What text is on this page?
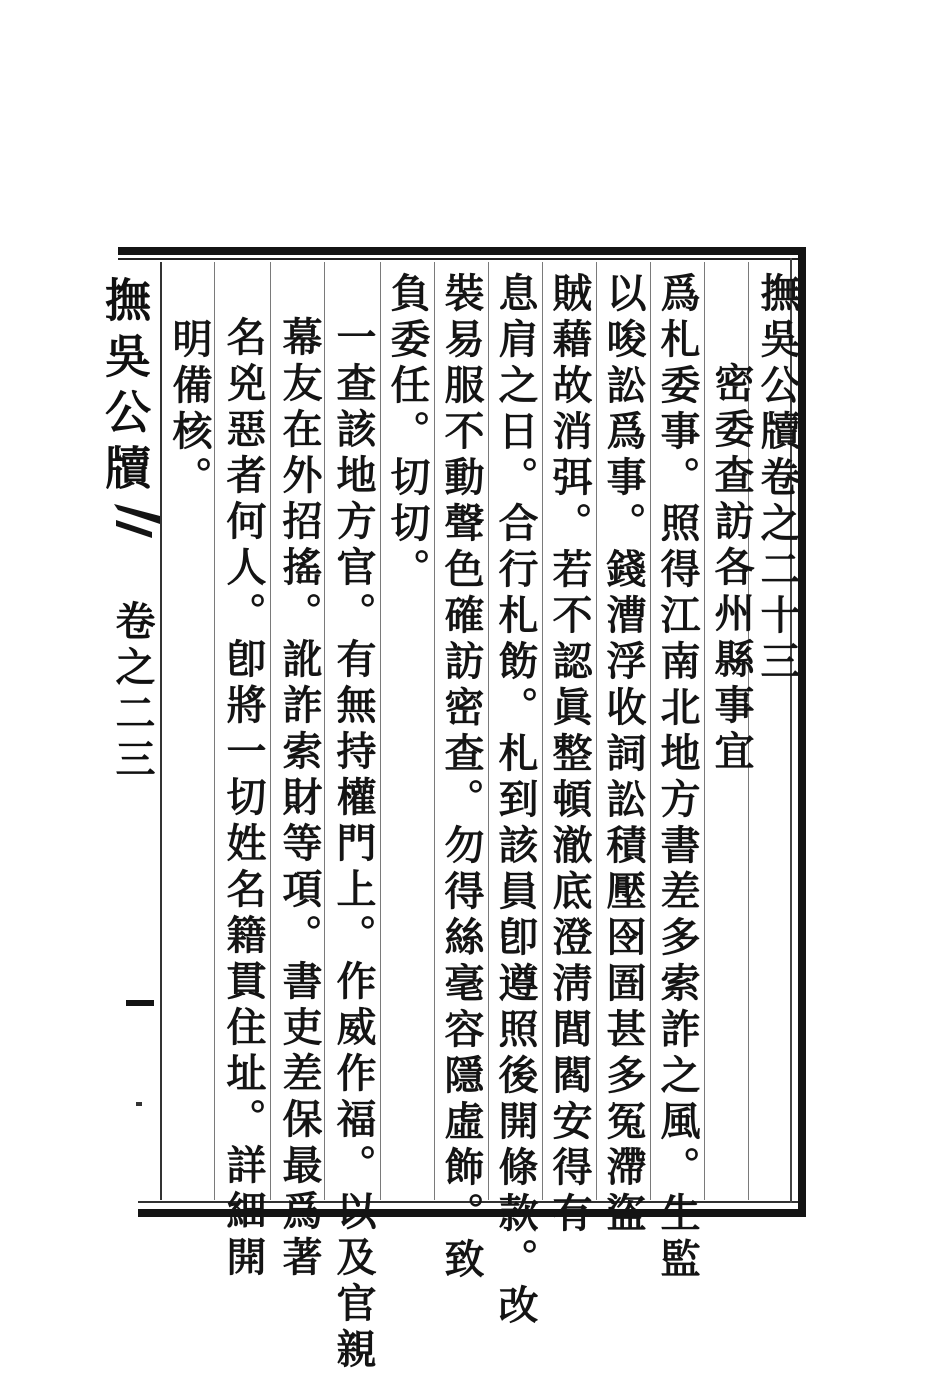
撫吳公牘
卷之二三
撫吳公牘卷之二十三
密委查訪各州縣事宜
爲札委事。照得江南北地方書差多索詐之風。生監
以唆訟爲事。錢漕浮收詞訟積壓囹圄甚多冤滯盜
賊藉故消弭。若不認眞整頓澈底澄淸閭閻安得有
息肩之日。合行札飭。札到該員卽遵照後開條款。改
裝易服不動聲色確訪密查。勿得絲毫容隱虛飾。致
負委任。切切。
一查該地方官。有無持權門上。作威作福。以及官親
幕友在外招搖。訛詐索財等項。書吏差保最爲著
名兇惡者何人。卽將一切姓名籍貫住址。詳細開
明備核。
